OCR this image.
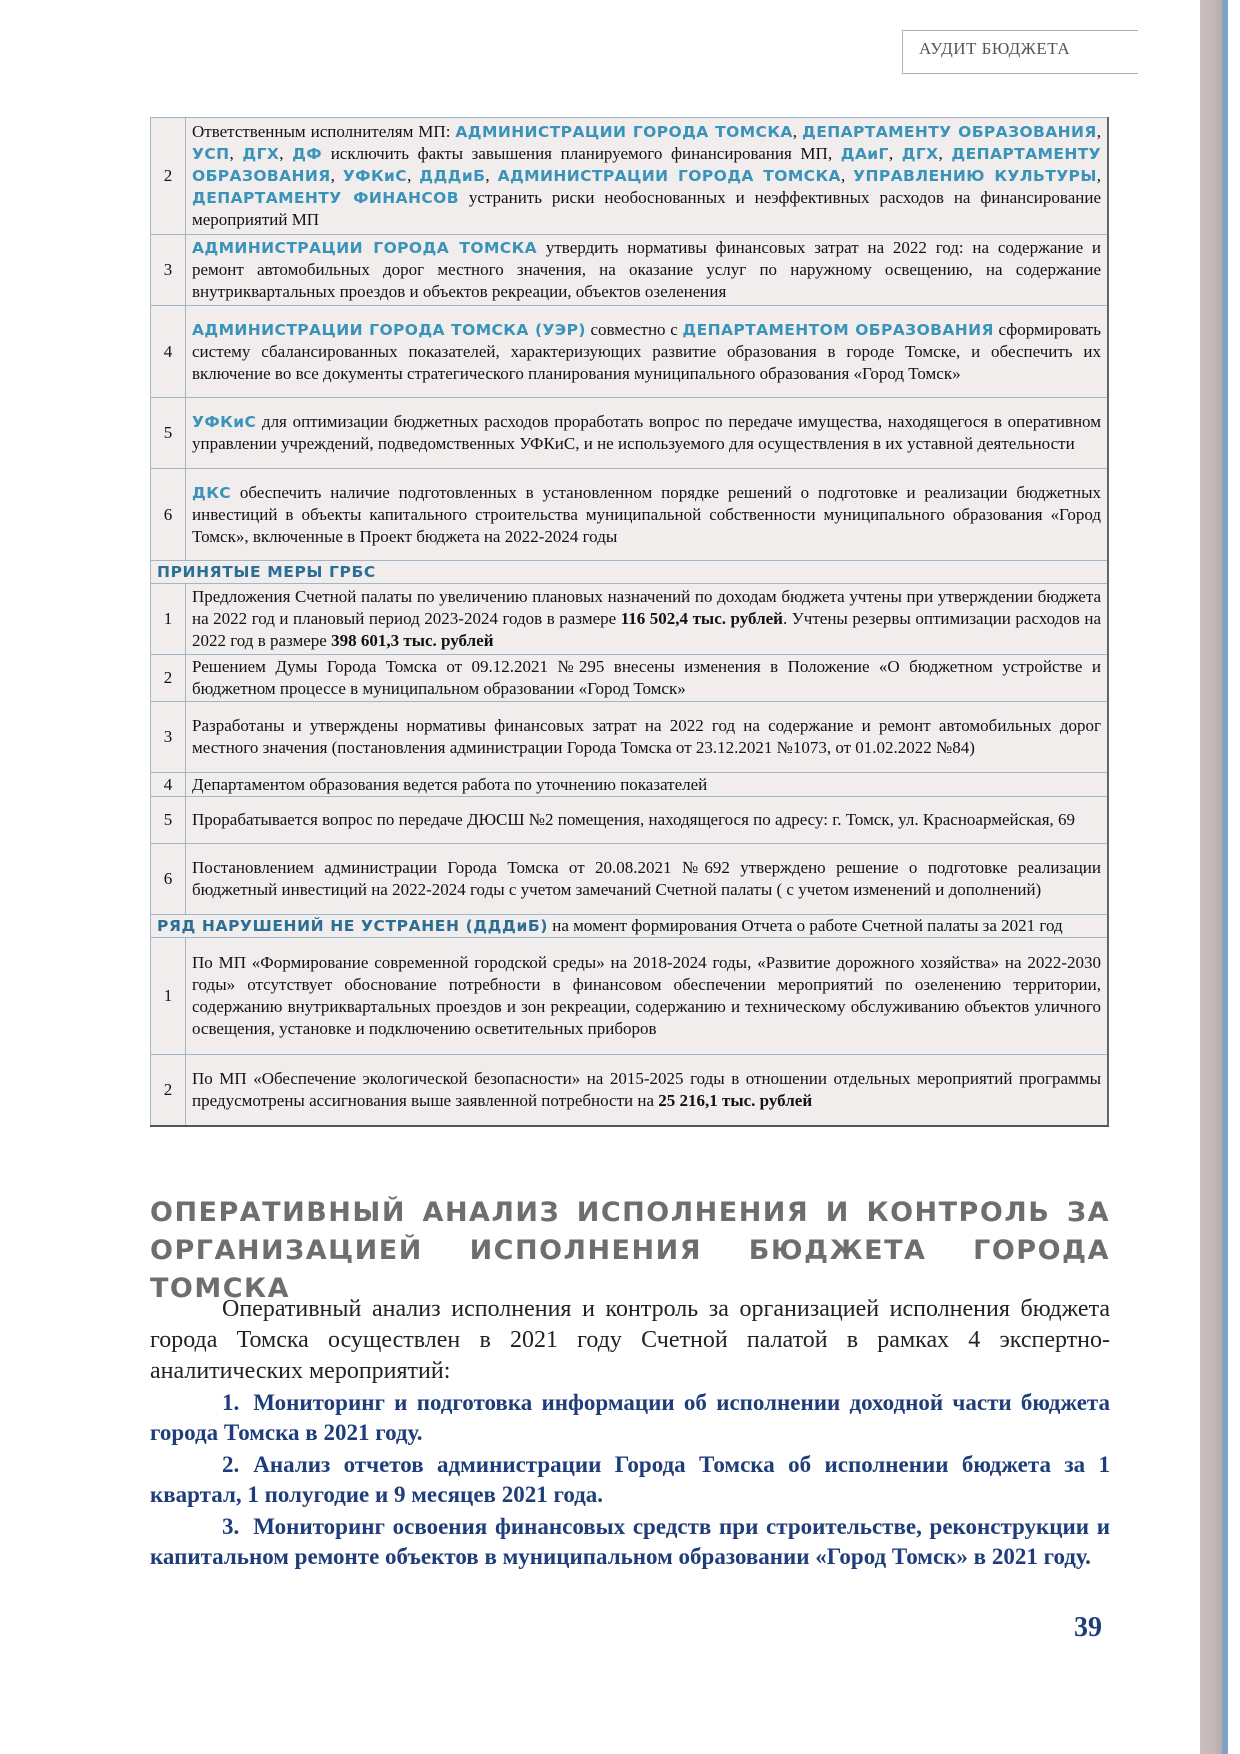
АУДИТ БЮДЖЕТА
2	Ответственным исполнителям МП: АДМИНИСТРАЦИИ ГОРОДА ТОМСКА, ДЕПАРТАМЕНТУ ОБРАЗОВАНИЯ, УСП, ДГХ, ДФ исключить факты завышения планируемого финансирования МП, ДАиГ, ДГХ, ДЕПАРТАМЕНТУ ОБРАЗОВАНИЯ, УФКиС, ДДДиБ, АДМИНИСТРАЦИИ ГОРОДА ТОМСКА, УПРАВЛЕНИЮ КУЛЬТУРЫ, ДЕПАРТАМЕНТУ ФИНАНСОВ устранить риски необоснованных и неэффективных расходов на финансирование мероприятий МП
3	АДМИНИСТРАЦИИ ГОРОДА ТОМСКА утвердить нормативы финансовых затрат на 2022 год: на содержание и ремонт автомобильных дорог местного значения, на оказание услуг по наружному освещению, на содержание внутриквартальных проездов и объектов рекреации, объектов озеленения
4	АДМИНИСТРАЦИИ ГОРОДА ТОМСКА (УЭР) совместно с ДЕПАРТАМЕНТОМ ОБРАЗОВАНИЯ сформировать систему сбалансированных показателей, характеризующих развитие образования в городе Томске, и обеспечить их включение во все документы стратегического планирования муниципального образования «Город Томск»
5	УФКиС для оптимизации бюджетных расходов проработать вопрос по передаче имущества, находящегося в оперативном управлении учреждений, подведомственных УФКиС, и не используемого для осуществления в их уставной деятельности
6	ДКС обеспечить наличие подготовленных в установленном порядке решений о подготовке и реализации бюджетных инвестиций в объекты капитального строительства муниципальной собственности муниципального образования «Город Томск», включенные в Проект бюджета на 2022-2024 годы
ПРИНЯТЫЕ МЕРЫ ГРБС	
1	Предложения Счетной палаты по увеличению плановых назначений по доходам бюджета учтены при утверждении бюджета на 2022 год и плановый период 2023-2024 годов в размере 116 502,4 тыс. рублей. Учтены резервы оптимизации расходов на 2022 год в размере 398 601,3 тыс. рублей
2	Решением Думы Города Томска от 09.12.2021 №295 внесены изменения в Положение «О бюджетном устройстве и бюджетном процессе в муниципальном образовании «Город Томск»
3	Разработаны и утверждены нормативы финансовых затрат на 2022 год на содержание и ремонт автомобильных дорог местного значения (постановления администрации Города Томска от 23.12.2021 №1073, от 01.02.2022 №84)
4	Департаментом образования ведется работа по уточнению показателей
5	Прорабатывается вопрос по передаче ДЮСШ №2 помещения, находящегося по адресу: г. Томск, ул. Красноармейская, 69
6	Постановлением администрации Города Томска от 20.08.2021 №692 утверждено решение о подготовке реализации бюджетный инвестиций на 2022-2024 годы с учетом замечаний Счетной палаты ( с учетом изменений и дополнений)
РЯД НАРУШЕНИЙ НЕ УСТРАНЕН (ДДДиБ) на момент формирования Отчета о работе Счетной палаты за 2021 год	
1	По МП «Формирование современной городской среды» на 2018-2024 годы, «Развитие дорожного хозяйства» на 2022-2030 годы» отсутствует обоснование потребности в финансовом обеспечении мероприятий по озеленению территории, содержанию внутриквартальных проездов и зон рекреации, содержанию и техническому обслуживанию объектов уличного освещения, установке и подключению осветительных приборов
2	По МП «Обеспечение экологической безопасности» на 2015-2025 годы в отношении отдельных мероприятий программы предусмотрены ассигнования выше заявленной потребности на 25 216,1 тыс. рублей
ОПЕРАТИВНЫЙ АНАЛИЗ ИСПОЛНЕНИЯ И КОНТРОЛЬ ЗА ОРГАНИЗАЦИЕЙ ИСПОЛНЕНИЯ БЮДЖЕТА ГОРОДА ТОМСКА
Оперативный анализ исполнения и контроль за организацией исполнения бюджета города Томска осуществлен в 2021 году Счетной палатой в рамках 4 экспертно-аналитических мероприятий:
1. Мониторинг и подготовка информации об исполнении доходной части бюджета города Томска в 2021 году.
2. Анализ отчетов администрации Города Томска об исполнении бюджета за 1 квартал, 1 полугодие и 9 месяцев 2021 года.
3. Мониторинг освоения финансовых средств при строительстве, реконструкции и капитальном ремонте объектов в муниципальном образовании «Город Томск» в 2021 году.
39
